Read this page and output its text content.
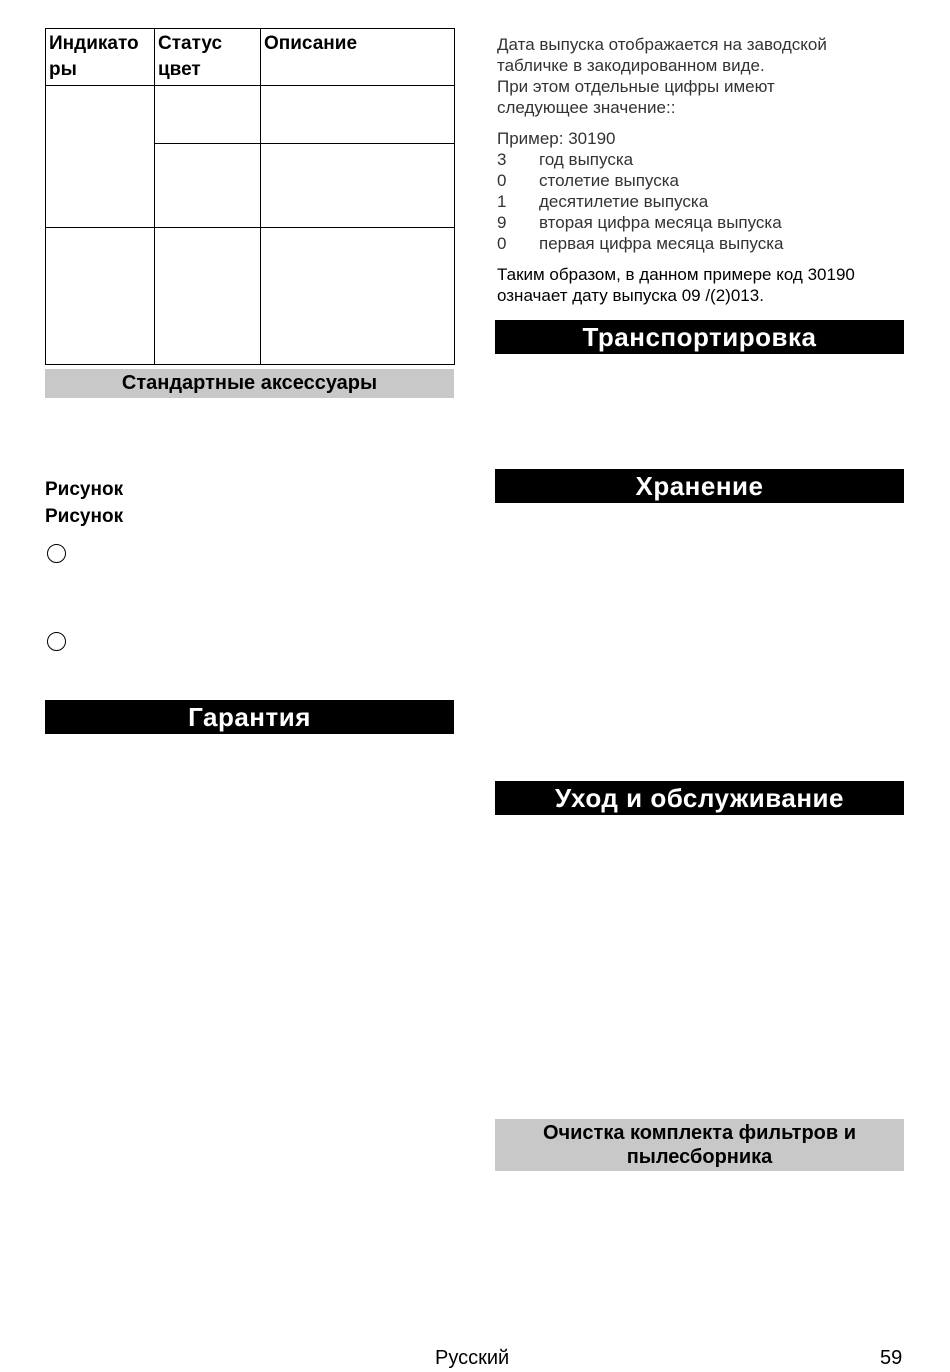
Индикато ры	Статус цвет	Описание

Стандартные аксессуары
Рисунок
Рисунок
Гарантия
Дата выпуска отображается на заводской
табличке в закодированном виде.
При этом отдельные цифры имеют
следующее значение::
Пример: 30190
3 год выпуска
0 столетие выпуска
1 десятилетие выпуска
9 вторая цифра месяца выпуска
0 первая цифра месяца выпуска
Таким образом, в данном примере код 30190
означает дату выпуска 09 /(2)013.
Транспортировка
Хранение
Уход и обслуживание
Очистка комплекта фильтров и
пылесборника
Русский	59
